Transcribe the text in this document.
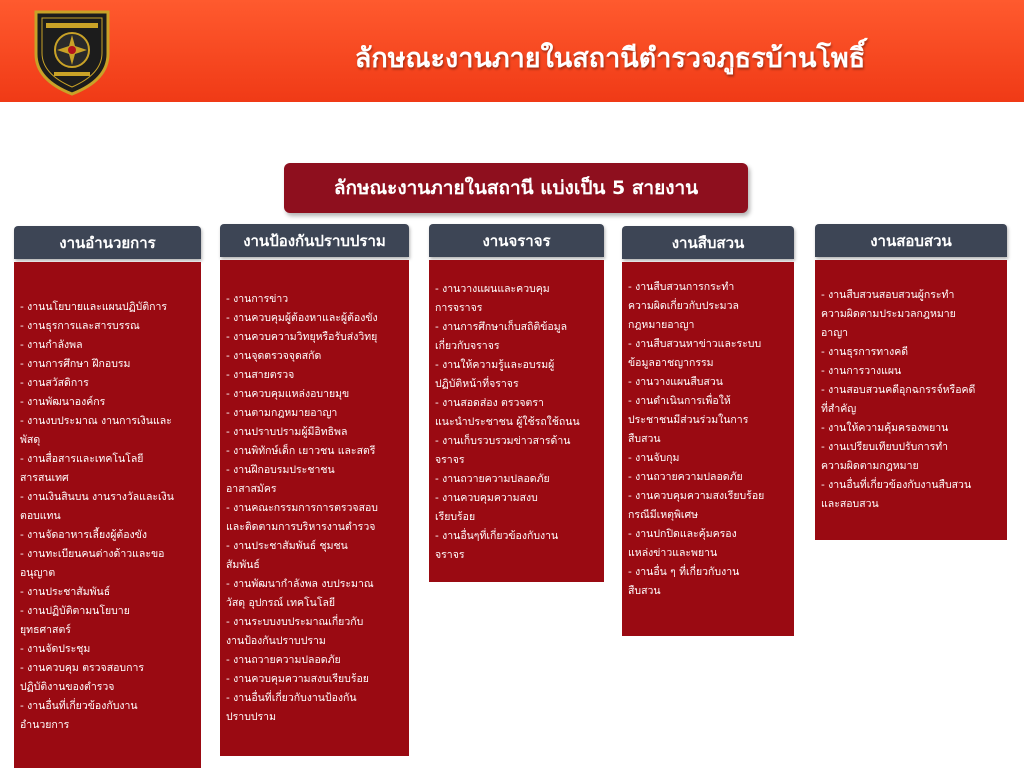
ลักษณะงานภายในสถานีตำรวจภูธรบ้านโพธิ์
ลักษณะงานภายในสถานี แบ่งเป็น 5 สายงาน
งานอำนวยการ
- งานนโยบายและแผนปฏิบัติการ
- งานธุรการและสารบรรณ
- งานกำลังพล
- งานการศึกษา ฝึกอบรม
- งานสวัสดิการ
- งานพัฒนาองค์กร
- งานงบประมาณ งานการเงินและ
พัสดุ
- งานสื่อสารและเทคโนโลยี
สารสนเทศ
- งานเงินสินบน งานรางวัลและเงิน
ตอบแทน
- งานจัดอาหารเลี้ยงผู้ต้องขัง
- งานทะเบียนคนต่างด้าวและขอ
อนุญาต
- งานประชาสัมพันธ์
- งานปฏิบัติตามนโยบาย
ยุทธศาสตร์
- งานจัดประชุม
- งานควบคุม ตรวจสอบการ
ปฏิบัติงานของตำรวจ
- งานอื่นที่เกี่ยวข้องกับงาน
อำนวยการ
งานป้องกันปราบปราม
- งานการข่าว
- งานควบคุมผู้ต้องหาและผู้ต้องขัง
- งานควบความวิทยุหรือรับส่งวิทยุ
- งานจุดตรวจจุดสกัด
- งานสายตรวจ
- งานควบคุมแหล่งอบายมุข
- งานตามกฎหมายอาญา
- งานปราบปรามผู้มีอิทธิพล
- งานพิทักษ์เด็ก เยาวชน และสตรี
- งานฝึกอบรมประชาชน
อาสาสมัคร
- งานคณะกรรมการการตรวจสอบ
และติดตามการบริหารงานตำรวจ
- งานประชาสัมพันธ์ ชุมชน
สัมพันธ์
- งานพัฒนากำลังพล งบประมาณ
วัสดุ อุปกรณ์ เทคโนโลยี
- งานระบบงบประมาณเกี่ยวกับ
งานป้องกันปราบปราม
- งานถวายความปลอดภัย
- งานควบคุมความสงบเรียบร้อย
- งานอื่นที่เกี่ยวกับงานป้องกัน
ปราบปราม
งานจราจร
- งานวางแผนและควบคุม
การจราจร
- งานการศึกษาเก็บสถิติข้อมูล
เกี่ยวกับจราจร
- งานให้ความรู้และอบรมผู้
ปฏิบัติหน้าที่จราจร
- งานสอดส่อง ตรวจตรา
แนะนำประชาชน ผู้ใช้รถใช้ถนน
- งานเก็บรวบรวมข่าวสารด้าน
จราจร
- งานถวายความปลอดภัย
- งานควบคุมความสงบ
เรียบร้อย
- งานอื่นๆที่เกี่ยวข้องกับงาน
จราจร
งานสืบสวน
- งานสืบสวนการกระทำ
ความผิดเกี่ยวกับประมวล
กฎหมายอาญา
- งานสืบสวนหาข่าวและระบบ
ข้อมูลอาชญากรรม
- งานวางแผนสืบสวน
- งานดำเนินการเพื่อให้
ประชาชนมีส่วนร่วมในการ
สืบสวน
- งานจับกุม
- งานถวายความปลอดภัย
- งานควบคุมความสงเรียบร้อย
กรณีมีเหตุพิเศษ
- งานปกปิดและคุ้มครอง
แหล่งข่าวและพยาน
- งานอื่น ๆ ที่เกี่ยวกับงาน
สืบสวน
งานสอบสวน
- งานสืบสวนสอบสวนผู้กระทำ
ความผิดตามประมวลกฎหมาย
อาญา
- งานธุรการทางคดี
- งานการวางแผน
- งานสอบสวนคดีอุกฉกรรจ์หรือคดี
ที่สำคัญ
- งานให้ความคุ้มครองพยาน
- งานเปรียบเทียบปรับการทำ
ความผิดตามกฎหมาย
- งานอื่นที่เกี่ยวข้องกับงานสืบสวน
และสอบสวน
